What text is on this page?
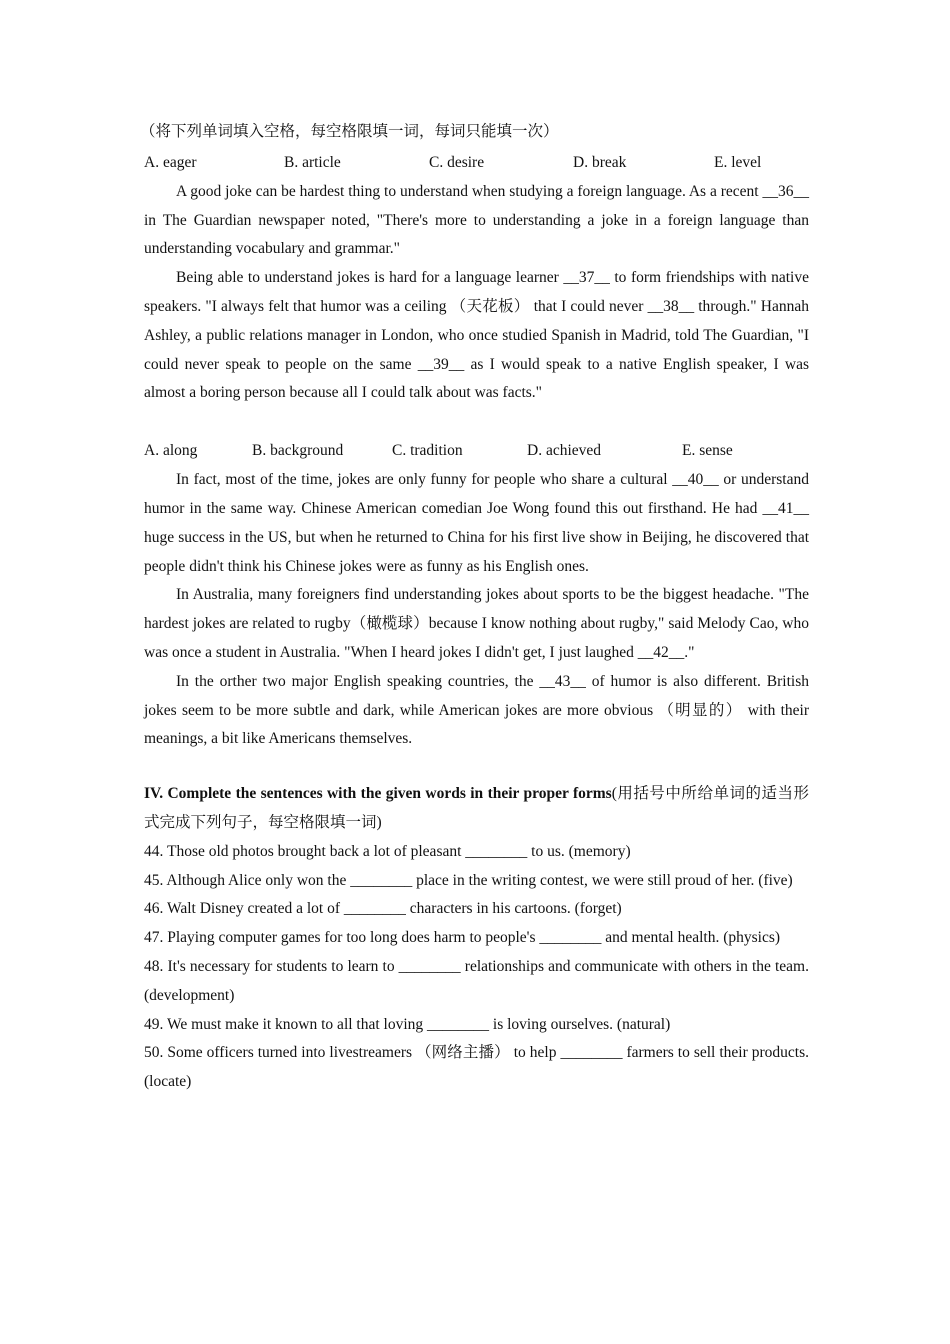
（将下列单词填入空格，每空格限填一词，每词只能填一次）
A. eager	B. article	C. desire	D. break	E. level

A good joke can be hardest thing to understand when studying a foreign language. As a recent __36__ in The Guardian newspaper noted, "There's more to understanding a joke in a foreign language than understanding vocabulary and grammar."

Being able to understand jokes is hard for a language learner __37__ to form friendships with native speakers. "I always felt that humor was a ceiling （天花板） that I could never __38__ through." Hannah Ashley, a public relations manager in London, who once studied Spanish in Madrid, told The Guardian, "I could never speak to people on the same __39__ as I would speak to a native English speaker, I was almost a boring person because all I could talk about was facts."

A. along	B. background	C. tradition	D. achieved	E. sense

In fact, most of the time, jokes are only funny for people who share a cultural __40__ or understand humor in the same way. Chinese American comedian Joe Wong found this out firsthand. He had __41__ huge success in the US, but when he returned to China for his first live show in Beijing, he discovered that people didn't think his Chinese jokes were as funny as his English ones.

In Australia, many foreigners find understanding jokes about sports to be the biggest headache. "The hardest jokes are related to rugby（橄榄球）because I know nothing about rugby," said Melody Cao, who was once a student in Australia. "When I heard jokes I didn't get, I just laughed __42__."

In the orther two major English speaking countries, the __43__ of humor is also different. British jokes seem to be more subtle and dark, while American jokes are more obvious （明显的） with their meanings, a bit like Americans themselves.

IV. Complete the sentences with the given words in their proper forms(用括号中所给单词的适当形式完成下列句子，每空格限填一词)

44. Those old photos brought back a lot of pleasant ________ to us. (memory)

45. Although Alice only won the ________ place in the writing contest, we were still proud of her. (five)

46. Walt Disney created a lot of ________ characters in his cartoons. (forget)

47. Playing computer games for too long does harm to people's ________ and mental health. (physics)

48. It's necessary for students to learn to ________ relationships and communicate with others in the team. (development)

49. We must make it known to all that loving ________ is loving ourselves. (natural)

50. Some officers turned into livestreamers （网络主播） to help ________ farmers to sell their products. (locate)
